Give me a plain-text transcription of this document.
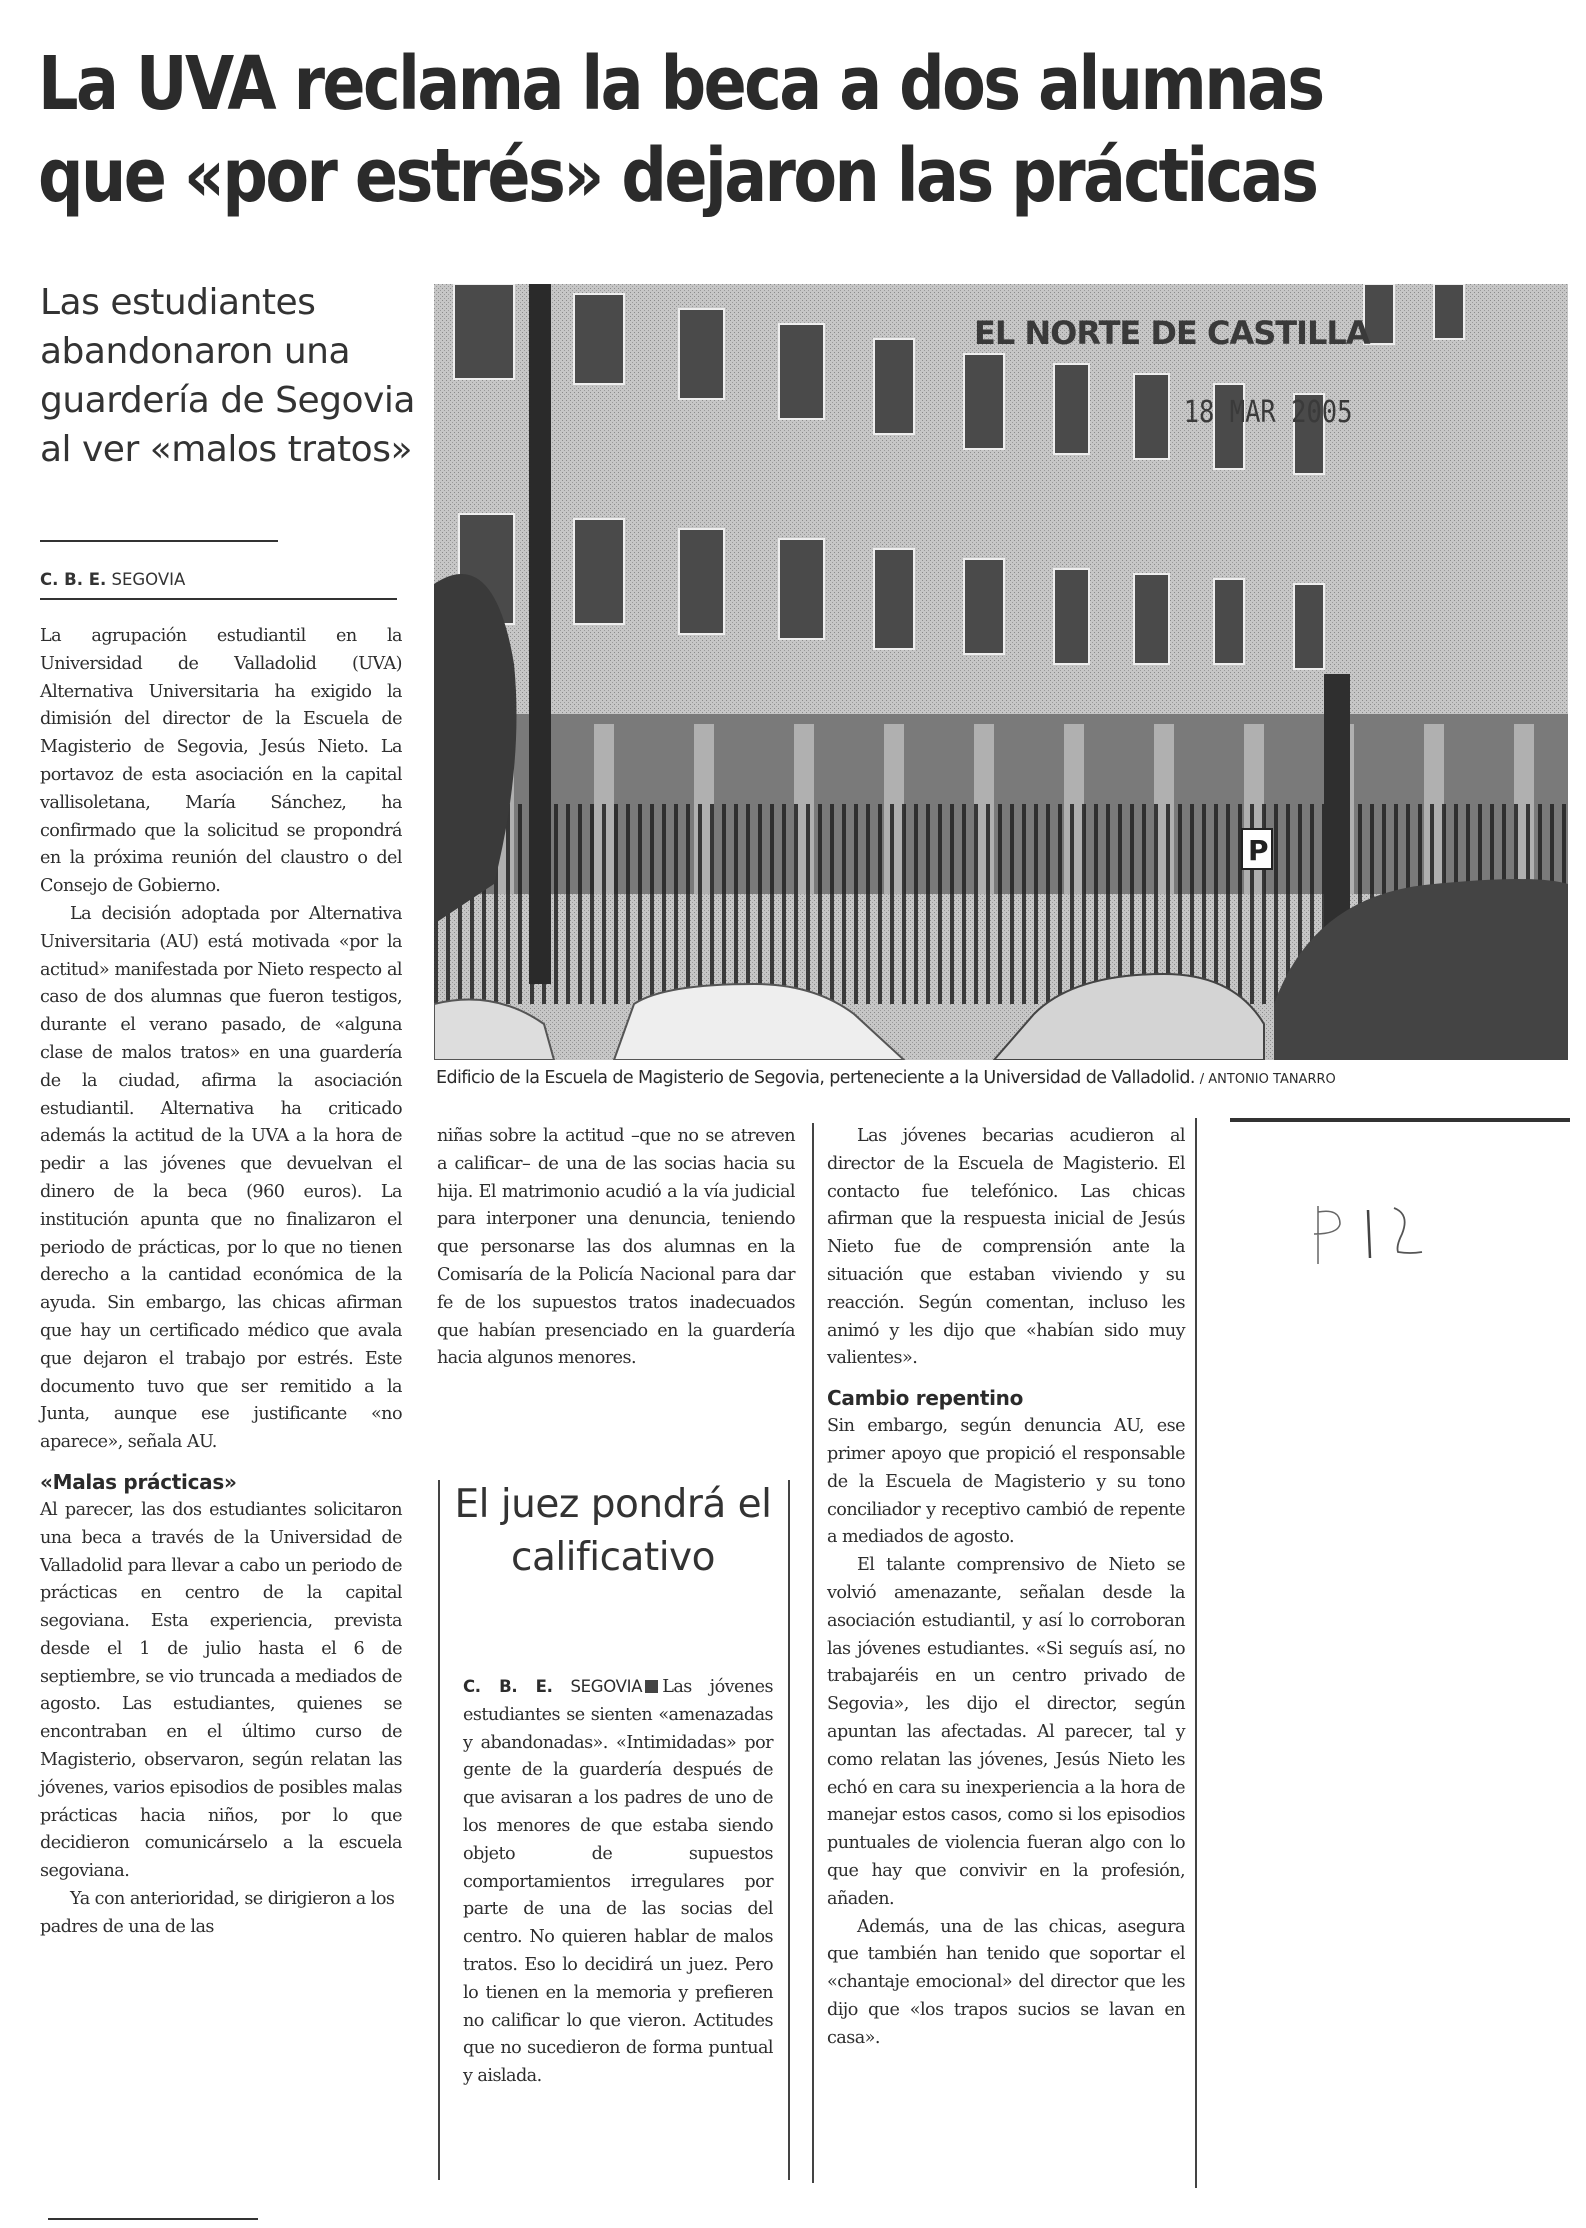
La UVA reclama la beca a dos alumnas
que «por estrés» dejaron las prácticas
Las estudiantes abandonaron una guardería de Segovia al ver «malos tratos»
C. B. E. SEGOVIA
P
EL NORTE DE CASTILLA
18 MAR 2005
Edificio de la Escuela de Magisterio de Segovia, perteneciente a la Universidad de Valladolid. / ANTONIO TANARRO

La agrupación estudiantil en la Universidad de Valladolid (UVA) Alternativa Universitaria ha exigido la dimisión del director de la Escuela de Magisterio de Segovia, Jesús Nieto. La portavoz de esta asociación en la capital vallisoletana, María Sánchez, ha confirmado que la solicitud se propondrá en la próxima reunión del claustro o del Consejo de Gobierno.

La decisión adoptada por Alternativa Universitaria (AU) está motivada «por la actitud» manifestada por Nieto respecto al caso de dos alumnas que fueron testigos, durante el verano pasado, de «alguna clase de malos tratos» en una guardería de la ciudad, afirma la asociación estudiantil. Alternativa ha criticado además la actitud de la UVA a la hora de pedir a las jóvenes que devuelvan el dinero de la beca (960 euros). La institución apunta que no finalizaron el periodo de prácticas, por lo que no tienen derecho a la cantidad económica de la ayuda. Sin embargo, las chicas afirman que hay un certificado médico que avala que dejaron el trabajo por estrés. Este documento tuvo que ser remitido a la Junta, aunque ese justificante «no aparece», señala AU.

«Malas prácticas»

Al parecer, las dos estudiantes solicitaron una beca a través de la Universidad de Valladolid para llevar a cabo un periodo de prácticas en centro de la capital segoviana. Esta experiencia, prevista desde el 1 de julio hasta el 6 de septiembre, se vio truncada a mediados de agosto. Las estudiantes, quienes se encontraban en el último curso de Magisterio, observaron, según relatan las jóvenes, varios episodios de posibles malas prácticas hacia niños, por lo que decidieron comunicárselo a la escuela segoviana.

Ya con anterioridad, se dirigieron a los padres de una de las

niñas sobre la actitud –que no se atreven a calificar– de una de las socias hacia su hija. El matrimonio acudió a la vía judicial para interponer una denuncia, teniendo que personarse las dos alumnas en la Comisaría de la Policía Nacional para dar fe de los supuestos tratos inadecuados que habían presenciado en la guardería hacia algunos menores.

El juez pondrá el calificativo

C. B. E. SEGOVIA Las jóvenes estudiantes se sienten «amenazadas y abandonadas». «Intimidadas» por gente de la guardería después de que avisaran a los padres de uno de los menores de que estaba siendo objeto de supuestos comportamientos irregulares por parte de una de las socias del centro. No quieren hablar de malos tratos. Eso lo decidirá un juez. Pero lo tienen en la memoria y prefieren no calificar lo que vieron. Actitudes que no sucedieron de forma puntual y aislada.

Las jóvenes becarias acudieron al director de la Escuela de Magisterio. El contacto fue telefónico. Las chicas afirman que la respuesta inicial de Jesús Nieto fue de comprensión ante la situación que estaban viviendo y su reacción. Según comentan, incluso les animó y les dijo que «habían sido muy valientes».

Cambio repentino

Sin embargo, según denuncia AU, ese primer apoyo que propició el responsable de la Escuela de Magisterio y su tono conciliador y receptivo cambió de repente a mediados de agosto.

El talante comprensivo de Nieto se volvió amenazante, señalan desde la asociación estudiantil, y así lo corroboran las jóvenes estudiantes. «Si seguís así, no trabajaréis en un centro privado de Segovia», les dijo el director, según apuntan las afectadas. Al parecer, tal y como relatan las jóvenes, Jesús Nieto les echó en cara su inexperiencia a la hora de manejar estos casos, como si los episodios puntuales de violencia fueran algo con lo que hay que convivir en la profesión, añaden.

Además, una de las chicas, asegura que también han tenido que soportar el «chantaje emocional» del director que les dijo que «los trapos sucios se lavan en casa».
